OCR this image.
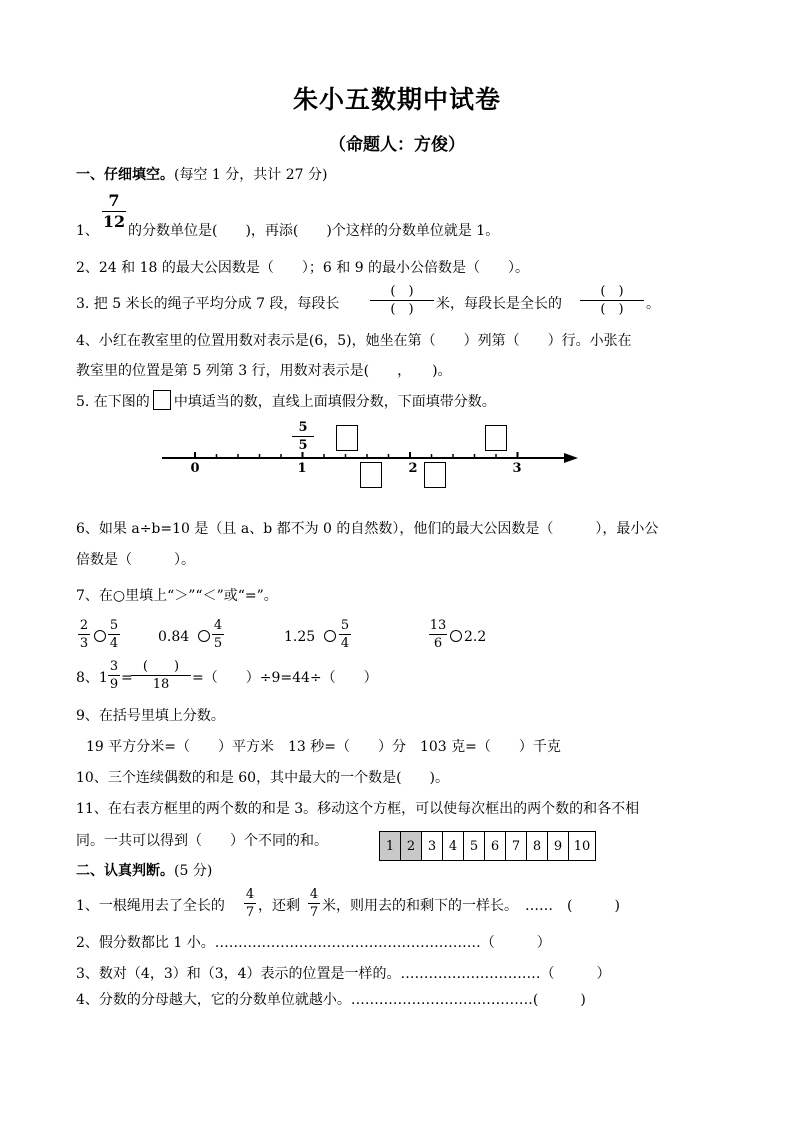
朱小五数期中试卷
（命题人：方俊）
一、仔细填空。(每空 1 分，共计 27 分)
7
12
1、 的分数单位是(　　)，再添(　　)个这样的分数单位就是 1。
2、24 和 18 的最大公因数是（　　）；6 和 9 的最小公倍数是（　　）。
3. 把 5 米长的绳子平均分成 7 段，每段长
(　)
(　)	米，每段长是全长的
(　)
(　)	。
4、小红在教室里的位置用数对表示是(6，5)，她坐在第（　　）列第（　　）行。小张在
教室里的位置是第 5 列第 3 行，用数对表示是(　　，　　)。
5. 在下图的 中填适当的数，直线上面填假分数，下面填带分数。
0	1	2	3
5
5
6、如果 a÷b=10 是（且 a、b 都不为 0 的自然数），他们的最大公因数是（　　　），最小公
倍数是（　　　）。
7、在○里填上“＞”“＜”或“=”。
2
3
5
4	0.84
4
5	1.25
5
4
13
6	2.2
8、1
3
9 =
(　　)
18	=（　　）÷9=44÷（　　）
9、在括号里填上分数。
19 平方分米=（　　）平方米　13 秒=（　　）分　103 克=（　　）千克
10、三个连续偶数的和是 60，其中最大的一个数是(　　)。
11、在右表方框里的两个数的和是 3。移动这个方框，可以使每次框出的两个数的和各不相
同。一共可以得到（　　）个不同的和。	1	2	3	4	5	6	7	8	9	10
二、认真判断。(5 分)
1、一根绳用去了全长的
4
7 ，还剩
4
7 米，则用去的和剩下的一样长。　……　(　　　)
2、假分数都比 1 小。…………………………………………………（　　　）
3、数对（4，3）和（3，4）表示的位置是一样的。…………………………（　　　）
4、分数的分母越大，它的分数单位就越小。…………………………………(　　　)
